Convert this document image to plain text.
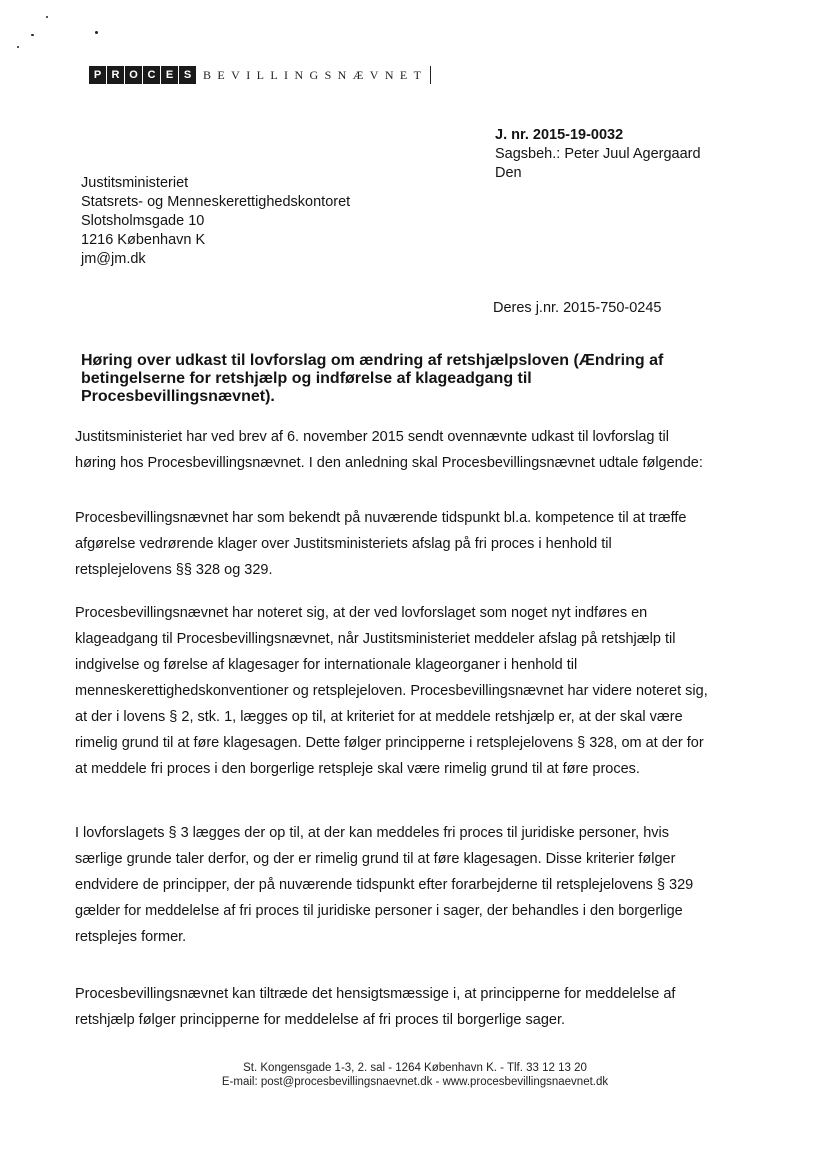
P R O C E S BEVILLINGSNÆVNET
J. nr. 2015-19-0032
Sagsbeh.: Peter Juul Agergaard
Den
Justitsministeriet
Statsrets- og Menneskerettighedskontoret
Slotsholmsgade 10
1216 København K
jm@jm.dk
Deres j.nr. 2015-750-0245
Høring over udkast til lovforslag om ændring af retshjælpsloven (Ændring af betingelserne for retshjælp og indførelse af klageadgang til Procesbevillingsnævnet).
Justitsministeriet har ved brev af 6. november 2015 sendt ovennævnte udkast til lovforslag til
høring hos Procesbevillingsnævnet. I den anledning skal Procesbevillingsnævnet udtale følgende:
Procesbevillingsnævnet har som bekendt på nuværende tidspunkt bl.a. kompetence til at træffe
afgørelse vedrørende klager over Justitsministeriets afslag på fri proces i henhold til
retsplejelovens §§ 328 og 329.
Procesbevillingsnævnet har noteret sig, at der ved lovforslaget som noget nyt indføres en
klageadgang til Procesbevillingsnævnet, når Justitsministeriet meddeler afslag på retshjælp til
indgivelse og førelse af klagesager for internationale klageorganer i henhold til
menneskerettighedskonventioner og retsplejeloven. Procesbevillingsnævnet har videre noteret sig,
at der i lovens § 2, stk. 1, lægges op til, at kriteriet for at meddele retshjælp er, at der skal være
rimelig grund til at føre klagesagen. Dette følger principperne i retsplejelovens § 328, om at der for
at meddele fri proces i den borgerlige retspleje skal være rimelig grund til at føre proces.
I lovforslagets § 3 lægges der op til, at der kan meddeles fri proces til juridiske personer, hvis
særlige grunde taler derfor, og der er rimelig grund til at føre klagesagen. Disse kriterier følger
endvidere de principper, der på nuværende tidspunkt efter forarbejderne til retsplejelovens § 329
gælder for meddelelse af fri proces til juridiske personer i sager, der behandles i den borgerlige
retsplejes former.
Procesbevillingsnævnet kan tiltræde det hensigtsmæssige i, at principperne for meddelelse af
retshjælp følger principperne for meddelelse af fri proces til borgerlige sager.
St. Kongensgade 1-3, 2. sal - 1264 København K. - Tlf. 33 12 13 20
E-mail: post@procesbevillingsnaevnet.dk - www.procesbevillingsnaevnet.dk
